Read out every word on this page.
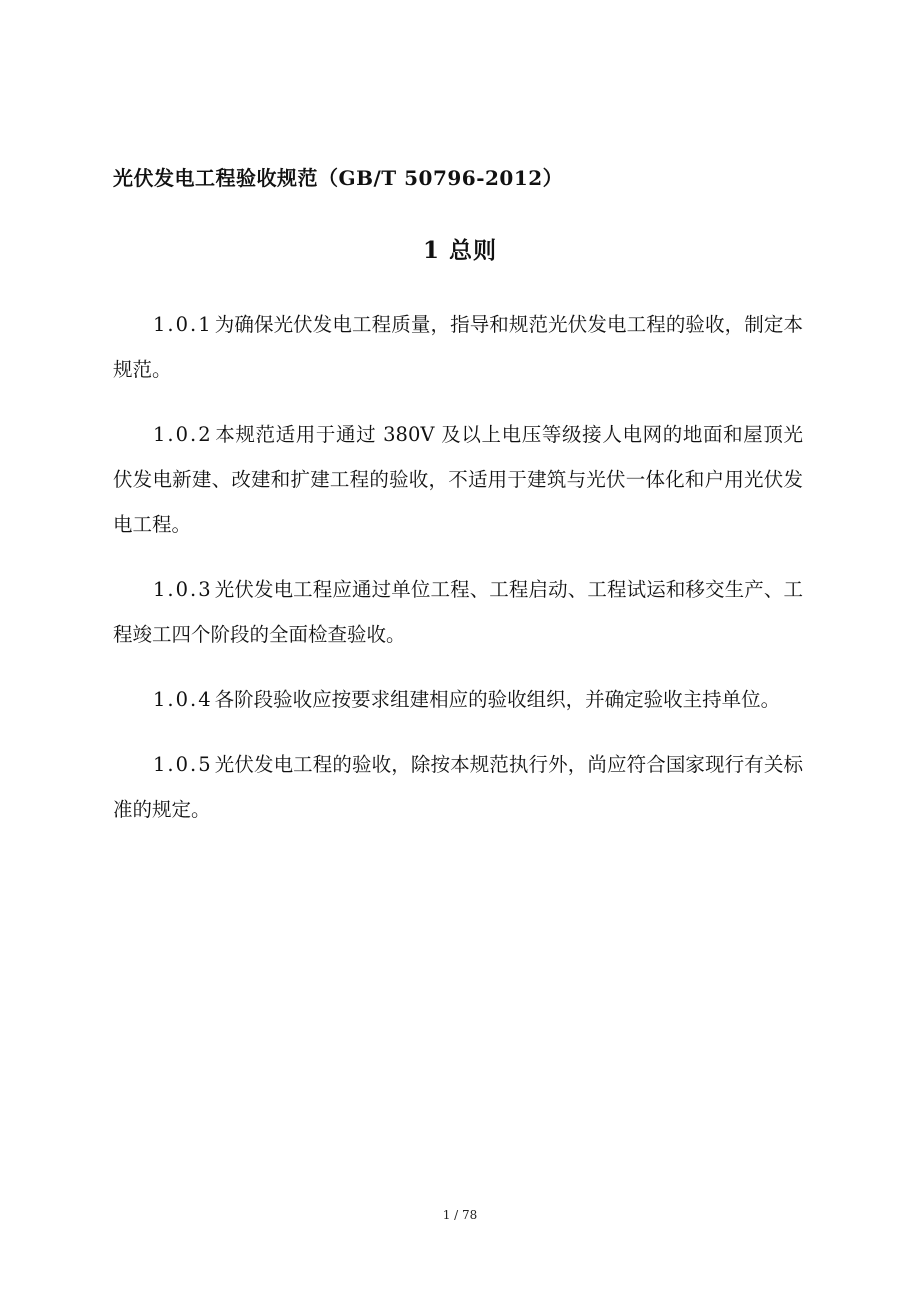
光伏发电工程验收规范（GB/T 50796-2012）
1 总则

1.0.1 为确保光伏发电工程质量，指导和规范光伏发电工程的验收，制定本规范。

1.0.2 本规范适用于通过 380V 及以上电压等级接人电网的地面和屋顶光伏发电新建、改建和扩建工程的验收，不适用于建筑与光伏一体化和户用光伏发电工程。

1.0.3 光伏发电工程应通过单位工程、工程启动、工程试运和移交生产、工程竣工四个阶段的全面检查验收。

1.0.4 各阶段验收应按要求组建相应的验收组织，并确定验收主持单位。

1.0.5 光伏发电工程的验收，除按本规范执行外，尚应符合国家现行有关标准的规定。

1 / 78
